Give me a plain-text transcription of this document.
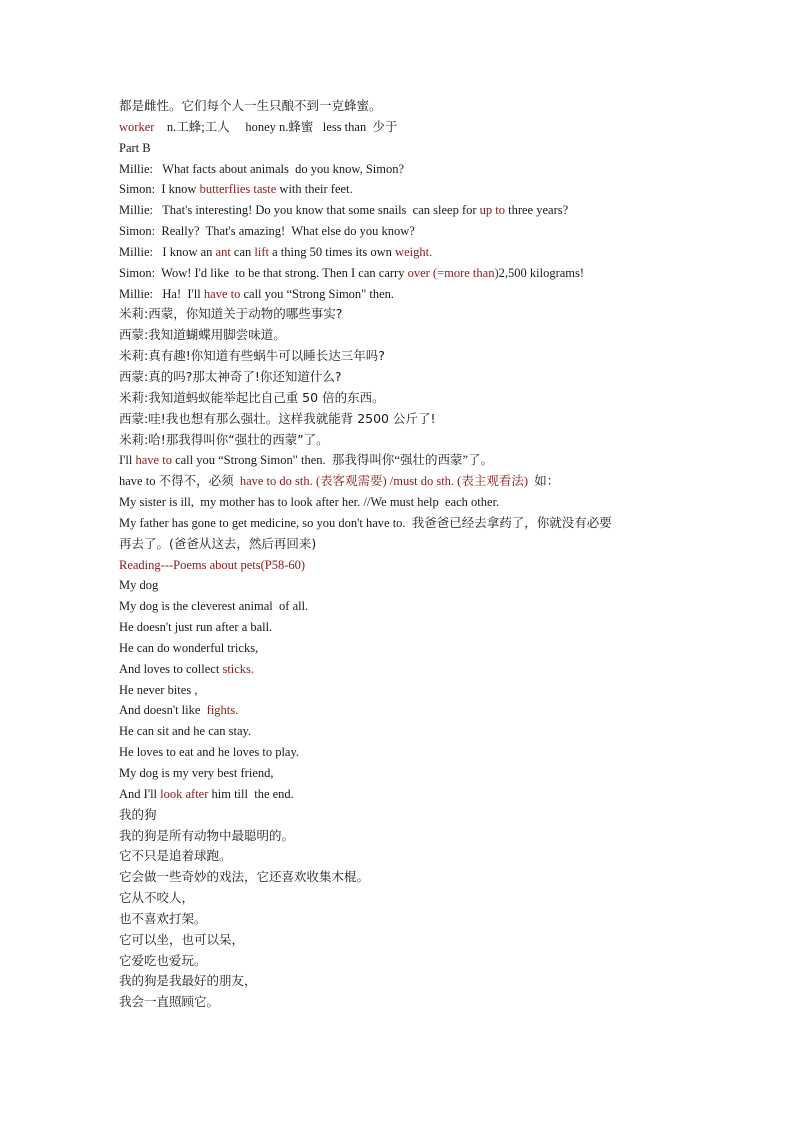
都是雌性。它们每个人一生只酿不到一克蜂蜜。
worker    n.工蜂;工人     honey n.蜂蜜   less than  少于
Part B
Millie:   What facts about animals  do you know, Simon?
Simon:  I know butterflies taste with their feet.
Millie:   That's interesting! Do you know that some snails  can sleep for up to three years?
Simon:  Really?  That's amazing!  What else do you know?
Millie:   I know an ant can lift a thing 50 times its own weight.
Simon:  Wow! I'd like  to be that strong. Then I can carry over (=more than)2,500 kilograms!
Millie:   Ha!  I'll have to call you “Strong Simon" then.
米莉:西蒙，你知道关于动物的哪些事实?
西蒙:我知道蝴蝶用脚尝味道。
米莉:真有趣!你知道有些蜗牛可以睡长达三年吗?
西蒙:真的吗?那太神奇了!你还知道什么?
米莉:我知道蚂蚁能举起比自己重 50 倍的东西。
西蒙:哇!我也想有那么强壮。这样我就能背 2500 公斤了!
米莉:哈!那我得叫你“强壮的西蒙”了。
I'll have to call you “Strong Simon" then.  那我得叫你“强壮的西蒙”了。
have to 不得不，必须  have to do sth. (表客观需要) /must do sth. (表主观看法)  如：
My sister is ill,  my mother has to look after her. //We must help  each other.
My father has gone to get medicine, so you don't have to.  我爸爸已经去拿药了，你就没有必要
再去了。(爸爸从这去，然后再回来)
Reading---Poems about pets(P58-60)
My dog
My dog is the cleverest animal  of all.
He doesn't just run after a ball.
He can do wonderful tricks,
And loves to collect sticks.
He never bites ,
And doesn't like  fights.
He can sit and he can stay.
He loves to eat and he loves to play.
My dog is my very best friend,
And I'll look after him till  the end.
我的狗
我的狗是所有动物中最聪明的。
它不只是追着球跑。
它会做一些奇妙的戏法，它还喜欢收集木棍。
它从不咬人，
也不喜欢打架。
它可以坐，也可以呆，
它爱吃也爱玩。
我的狗是我最好的朋友，
我会一直照顾它。
